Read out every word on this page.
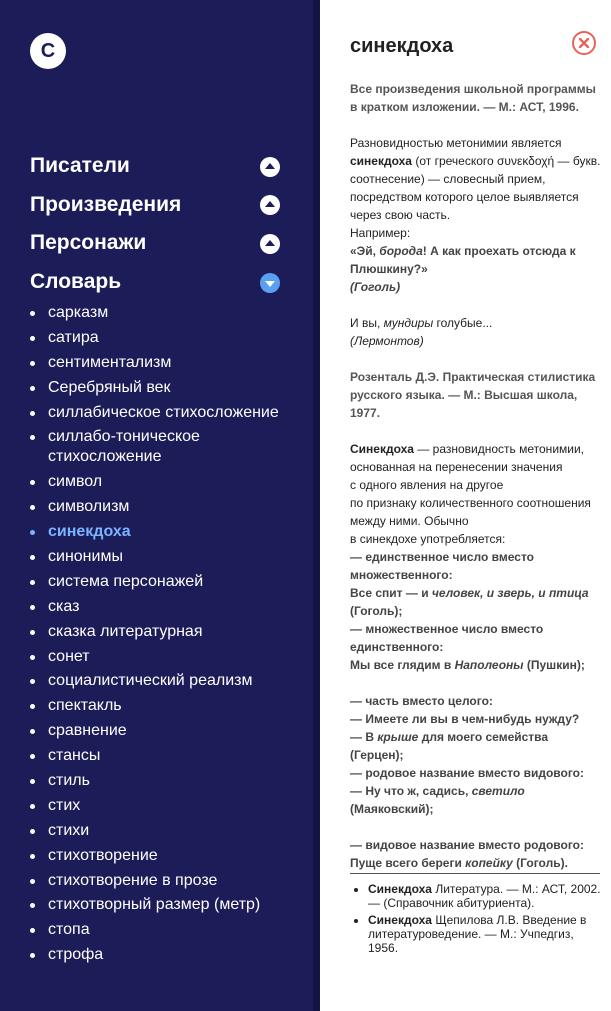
С
Писатели
Произведения
Персонажи
Словарь
сарказм
сатира
сентиментализм
Серебряный век
силлабическое стихосложение
силлабо-тоническое стихосложение
символ
символизм
синекдоха
синонимы
система персонажей
сказ
сказка литературная
сонет
социалистический реализм
спектакль
сравнение
стансы
стиль
стих
стихи
стихотворение
стихотворение в прозе
стихотворный размер (метр)
стопа
строфа
синекдоха

Все произведения школьной программы в кратком изложении. — М.: АСТ, 1996.

Разновидностью метонимии является синекдоха (от греческого συνεκδοχή — букв. соотнесение) — словесный прием, посредством которого целое выявляется через свою часть.
Например:
«Эй, борода! А как проехать отсюда к Плюшкину?»
(Гоголь)

И вы, мундиры голубые...
(Лермонтов)

Розенталь Д.Э. Практическая стилистика русского языка. — М.: Высшая школа, 1977.

Синекдоха — разновидность метонимии, основанная на перенесении значения
с одного явления на другое
по признаку количественного соотношения между ними. Обычно
в синекдохе употребляется:
— единственное число вместо множественного:
Все спит — и человек, и зверь, и птица
(Гоголь);
— множественное число вместо единственного:
Мы все глядим в Наполеоны (Пушкин);

— часть вместо целого:
— Имеете ли вы в чем-нибудь нужду?
— В крыше для моего семейства
(Герцен);
— родовое название вместо видового:
— Ну что ж, садись, светило
(Маяковский);

— видовое название вместо родового:
Пуще всего береги копейку (Гоголь).

• Синекдоха Литература. — М.: АСТ, 2002. — (Справочник абитуриента).
• Синекдоха Щепилова Л.В. Введение в литературоведение. — М.: Учпедгиз, 1956.
